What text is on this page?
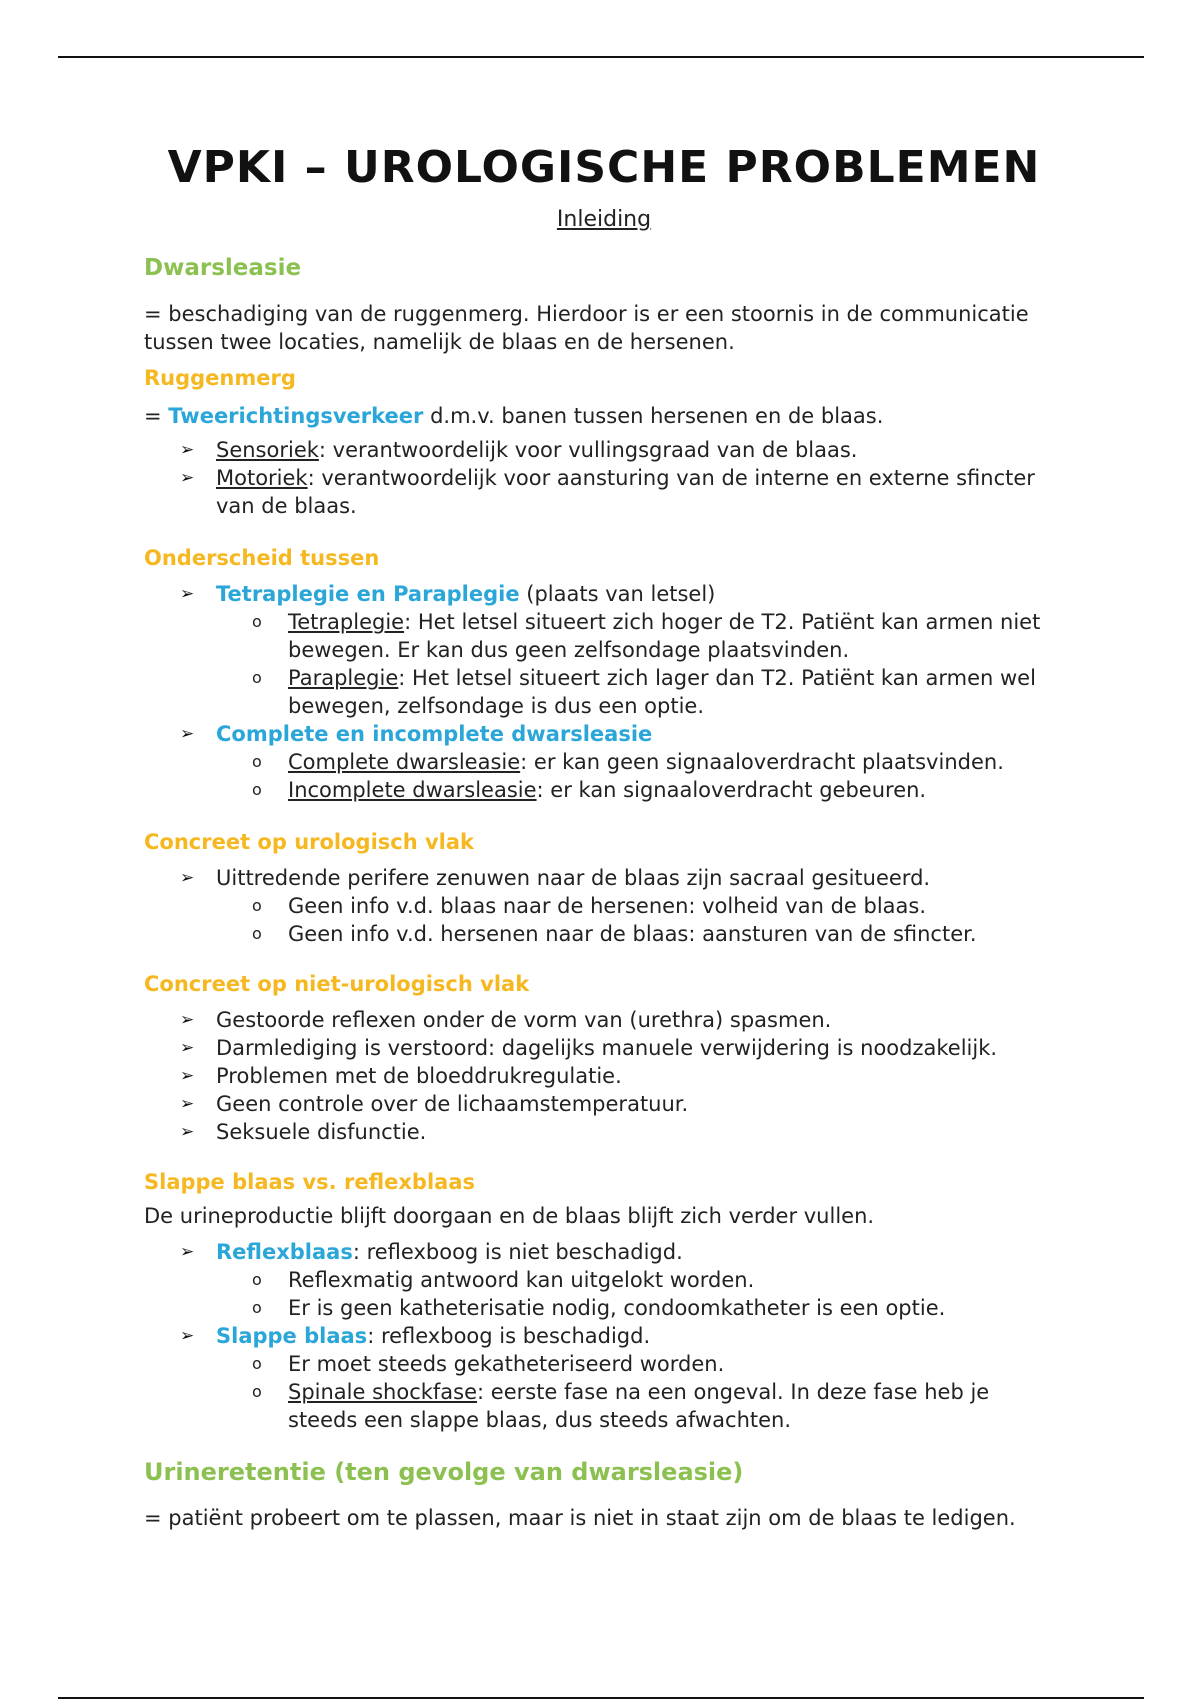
VPKI – UROLOGISCHE PROBLEMEN
Inleiding
Dwarsleasie
= beschadiging van de ruggenmerg. Hierdoor is er een stoornis in de communicatie tussen twee locaties, namelijk de blaas en de hersenen.
Ruggenmerg
= Tweerichtingsverkeer d.m.v. banen tussen hersenen en de blaas.
➢ Sensoriek: verantwoordelijk voor vullingsgraad van de blaas.
➢ Motoriek: verantwoordelijk voor aansturing van de interne en externe sfincter van de blaas.
Onderscheid tussen
➢ Tetraplegie en Paraplegie (plaats van letsel)
o Tetraplegie: Het letsel situeert zich hoger de T2. Patiënt kan armen niet bewegen. Er kan dus geen zelfsondage plaatsvinden.
o Paraplegie: Het letsel situeert zich lager dan T2. Patiënt kan armen wel bewegen, zelfsondage is dus een optie.
➢ Complete en incomplete dwarsleasie
o Complete dwarsleasie: er kan geen signaaloverdracht plaatsvinden.
o Incomplete dwarsleasie: er kan signaaloverdracht gebeuren.
Concreet op urologisch vlak
➢ Uittredende perifere zenuwen naar de blaas zijn sacraal gesitueerd.
o Geen info v.d. blaas naar de hersenen: volheid van de blaas.
o Geen info v.d. hersenen naar de blaas: aansturen van de sfincter.
Concreet op niet-urologisch vlak
➢ Gestoorde reflexen onder de vorm van (urethra) spasmen.
➢ Darmlediging is verstoord: dagelijks manuele verwijdering is noodzakelijk.
➢ Problemen met de bloeddrukregulatie.
➢ Geen controle over de lichaamstemperatuur.
➢ Seksuele disfunctie.
Slappe blaas vs. reflexblaas
De urineproductie blijft doorgaan en de blaas blijft zich verder vullen.
➢ Reflexblaas: reflexboog is niet beschadigd.
o Reflexmatig antwoord kan uitgelokt worden.
o Er is geen katheterisatie nodig, condoomkatheter is een optie.
➢ Slappe blaas: reflexboog is beschadigd.
o Er moet steeds gekatheteriseerd worden.
o Spinale shockfase: eerste fase na een ongeval. In deze fase heb je steeds een slappe blaas, dus steeds afwachten.
Urineretentie (ten gevolge van dwarsleasie)
= patiënt probeert om te plassen, maar is niet in staat zijn om de blaas te ledigen.
